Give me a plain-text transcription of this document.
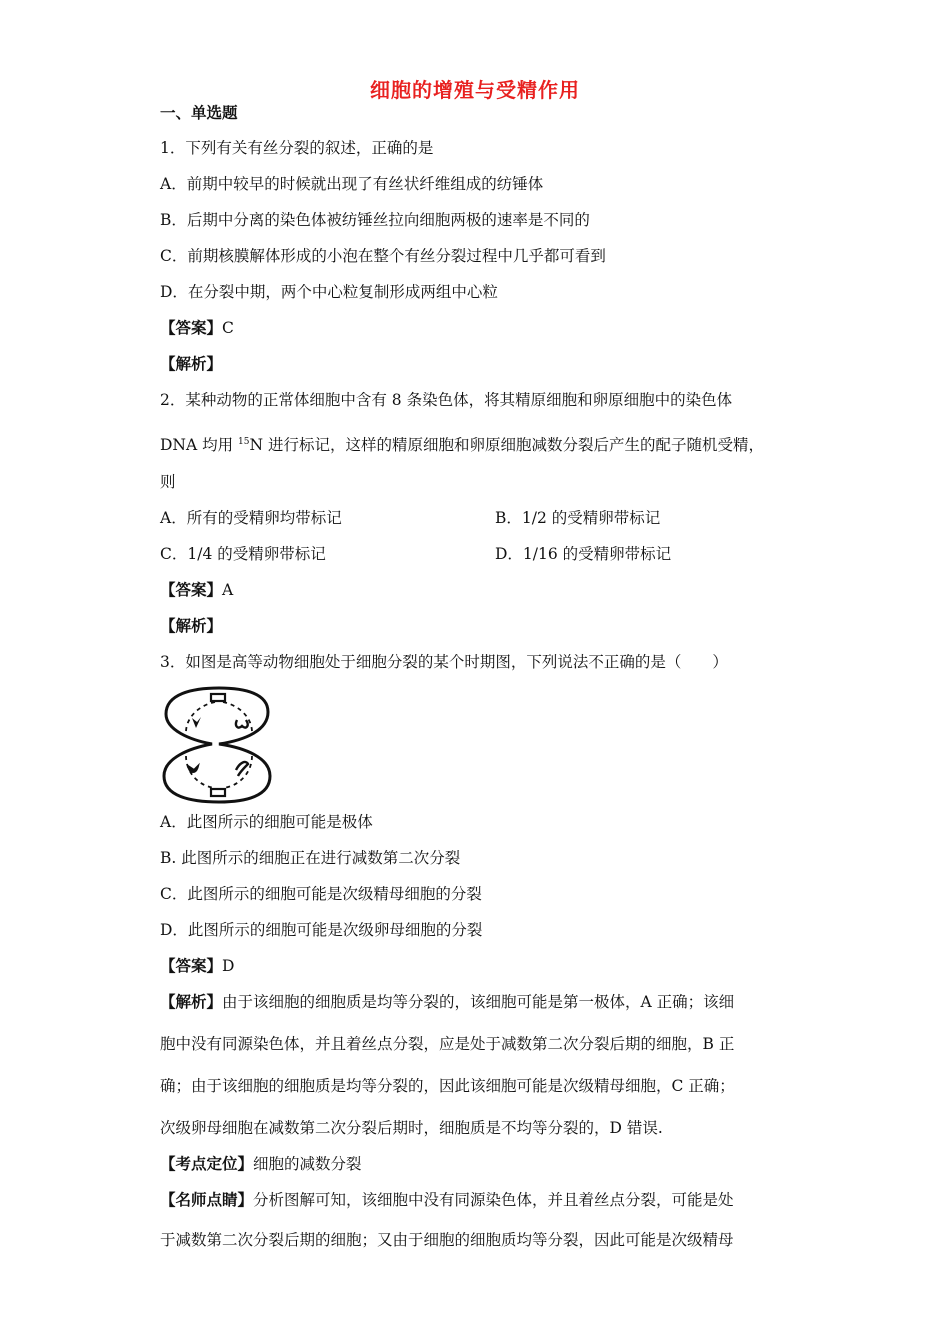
细胞的增殖与受精作用
一、单选题
1．下列有关有丝分裂的叙述，正确的是
A．前期中较早的时候就出现了有丝状纤维组成的纺锤体
B．后期中分离的染色体被纺锤丝拉向细胞两极的速率是不同的
C．前期核膜解体形成的小泡在整个有丝分裂过程中几乎都可看到
D．在分裂中期，两个中心粒复制形成两组中心粒
【答案】C
【解析】
2．某种动物的正常体细胞中含有 8 条染色体，将其精原细胞和卵原细胞中的染色体
DNA 均用 $^{15}$N 进行标记，这样的精原细胞和卵原细胞减数分裂后产生的配子随机受精，
则
A．所有的受精卵均带标记	B．1/2 的受精卵带标记
C．1/4 的受精卵带标记	D．1/16 的受精卵带标记
【答案】A
【解析】
3．如图是高等动物细胞处于细胞分裂的某个时期图，下列说法不正确的是（　　）
A．此图所示的细胞可能是极体
B. 此图所示的细胞正在进行减数第二次分裂
C．此图所示的细胞可能是次级精母细胞的分裂
D．此图所示的细胞可能是次级卵母细胞的分裂
【答案】D
【解析】由于该细胞的细胞质是均等分裂的，该细胞可能是第一极体，A 正确；该细
胞中没有同源染色体，并且着丝点分裂，应是处于减数第二次分裂后期的细胞，B 正
确；由于该细胞的细胞质是均等分裂的，因此该细胞可能是次级精母细胞，C 正确；
次级卵母细胞在减数第二次分裂后期时，细胞质是不均等分裂的，D 错误.
【考点定位】细胞的减数分裂
【名师点睛】分析图解可知，该细胞中没有同源染色体，并且着丝点分裂，可能是处
于减数第二次分裂后期的细胞；又由于细胞的细胞质均等分裂，因此可能是次级精母
